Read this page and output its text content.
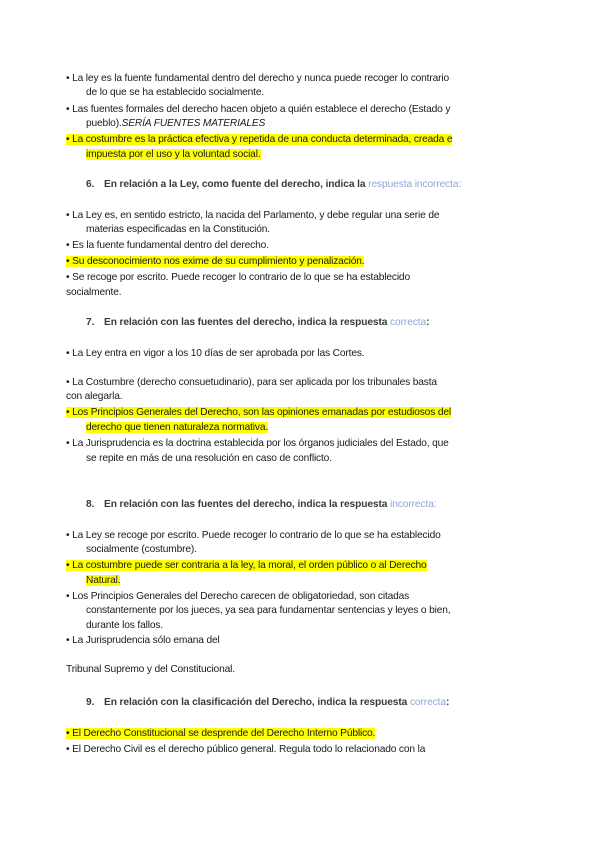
• La ley es la fuente fundamental dentro del derecho y nunca puede recoger lo contrario
de lo que se ha establecido socialmente.
• Las fuentes formales del derecho hacen objeto a quién establece el derecho (Estado y
pueblo).SERÍA FUENTES MATERIALES
• La costumbre es la práctica efectiva y repetida de una conducta determinada, creada e
impuesta por el uso y la voluntad social.
6. En relación a la Ley, como fuente del derecho, indica la respuesta incorrecta:
• La Ley es, en sentido estricto, la nacida del Parlamento, y debe regular una serie de
materias especificadas en la Constitución.
• Es la fuente fundamental dentro del derecho.
• Su desconocimiento nos exime de su cumplimiento y penalización.
• Se recoge por escrito. Puede recoger lo contrario de lo que se ha establecido
socialmente.
7. En relación con las fuentes del derecho, indica la respuesta correcta:
• La Ley entra en vigor a los 10 días de ser aprobada por las Cortes.
• La Costumbre (derecho consuetudinario), para ser aplicada por los tribunales basta
con alegarla.
• Los Principios Generales del Derecho, son las opiniones emanadas por estudiosos del
derecho que tienen naturaleza normativa.
• La Jurisprudencia es la doctrina establecida por los órganos judiciales del Estado, que
se repite en más de una resolución en caso de conflicto.
8. En relación con las fuentes del derecho, indica la respuesta incorrecta:
• La Ley se recoge por escrito. Puede recoger lo contrario de lo que se ha establecido
socialmente (costumbre).
• La costumbre puede ser contraria a la ley, la moral, el orden público o al Derecho
Natural.
• Los Principios Generales del Derecho carecen de obligatoriedad, son citadas
constantemente por los jueces, ya sea para fundamentar sentencias y leyes o bien,
durante los fallos.
• La Jurisprudencia sólo emana del
Tribunal Supremo y del Constitucional.
9. En relación con la clasificación del Derecho, indica la respuesta correcta:
• El Derecho Constitucional se desprende del Derecho Interno Público.
• El Derecho Civil es el derecho público general. Regula todo lo relacionado con la
